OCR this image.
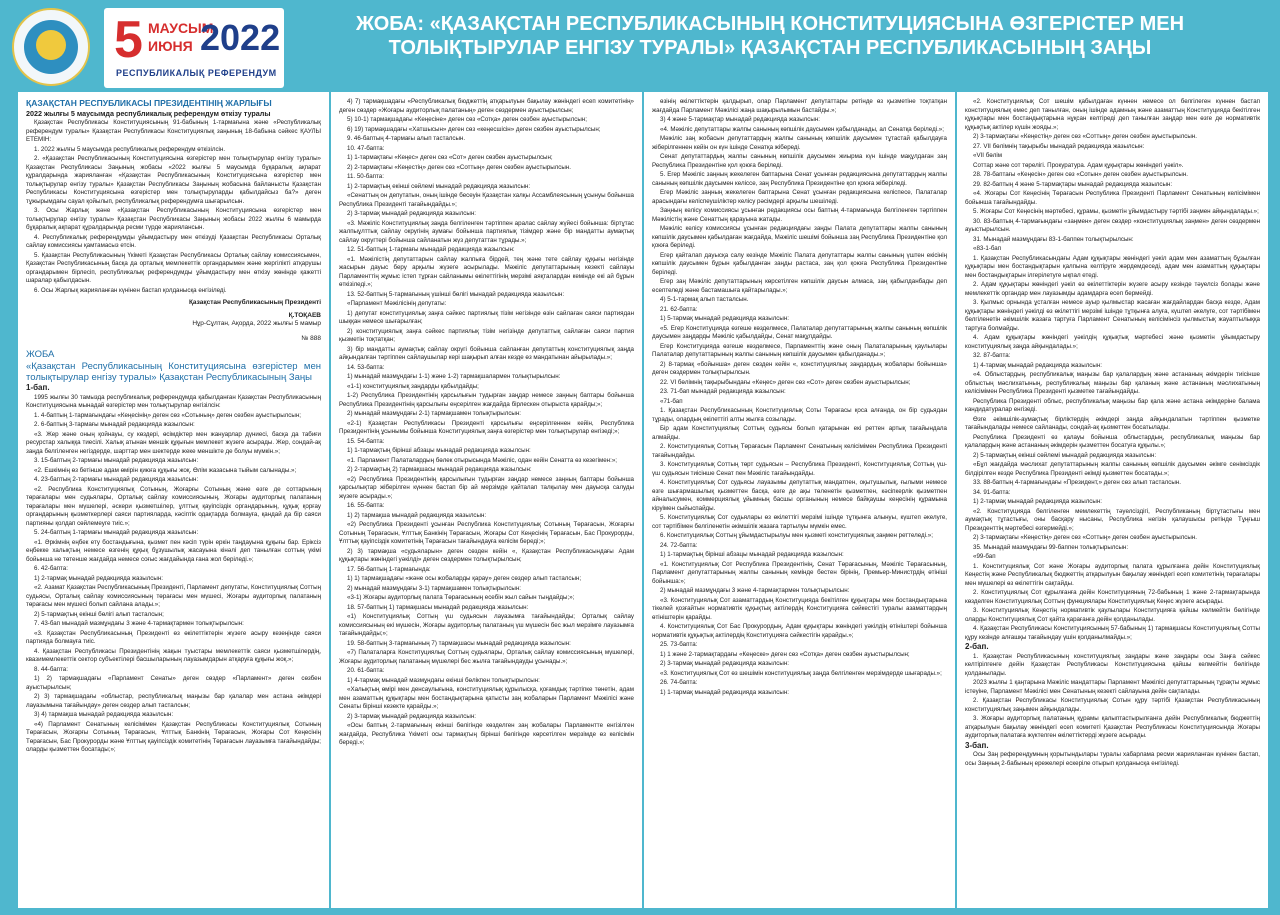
5 МАУСЫМ
ИЮНЯ 2022
РЕСПУБЛИКАЛЫҚ РЕФЕРЕНДУМ
ЖОБА: «ҚАЗАҚСТАН РЕСПУБЛИКАСЫНЫҢ КОНСТИТУЦИЯСЫНА ӨЗГЕРІСТЕР МЕН ТОЛЫҚТЫРУЛАР ЕНГІЗУ ТУРАЛЫ» ҚАЗАҚСТАН РЕСПУБЛИКАСЫНЫҢ ЗАҢЫ

ҚАЗАҚСТАН РЕСПУБЛИКАСЫ ПРЕЗИДЕНТІНІҢ ЖАРЛЫҒЫ

2022 жылғы 5 маусымда республикалық референдум өткізу туралы

Қазақстан Республикасы Конституциясының 91-бабының 1-тармағына және «Республикалық референдум туралы» Қазақстан Республикасы Конституциялық заңының 18-бабына сәйкес ҚАУЛЫ ЕТЕМІН:

1. 2022 жылғы 5 маусымда республикалық референдум өткізілсін.

2. «Қазақстан Республикасының Конституциясына өзгерістер мен толықтырулар енгізу туралы» Қазақстан Республикасы Заңының жобасы «2022 жылғы 5 маусымда бұқаралық ақпарат құралдарында жарияланған «Қазақстан Республикасының Конституциясына өзгерістер мен толықтырулар енгізу туралы» Қазақстан Республикасы Заңының жобасына байланысты Қазақстан Республикасы Конституциясына өзгерістер мен толықтыруларды қабылдайсыз ба?» деген тұжырымдағы сауал қойылып, республикалық референдумға шығарылсын.

3. Осы Жарлық және «Қазақстан Республикасының Конституциясына өзгерістер мен толықтырулар енгізу туралы» Қазақстан Республикасы Заңының жобасы 2022 жылғы 6 мамырда бұқаралық ақпарат құралдарында ресми түрде жариялансын.

4. Республикалық референдумды ұйымдастыру мен өткізуді Қазақстан Республикасы Орталық сайлау комиссиясы қамтамасыз етсін.

5. Қазақстан Республикасының Үкіметі Қазақстан Республикасы Орталық сайлау комиссиясымен, Қазақстан Республикасының басқа да орталық мемлекеттік органдарымен және жергілікті атқарушы органдарымен бірлесіп, республикалық референдумды ұйымдастыру мен өткізу жөнінде қажетті шаралар қабылдасын.

6. Осы Жарлық жарияланған күнінен бастап қолданысқа енгізіледі.

Қазақстан Республикасының Президенті
Қ.ТОҚАЕВ
Нұр-Сұлтан, Ақорда, 2022 жылғы 5 мамыр
№ 888

ЖОБА

«Қазақстан Республикасының Конституциясына өзгерістер мен толықтырулар енгізу туралы» Қазақстан Республикасының Заңы

1-бап.

1995 жылғы 30 тамызда республикалық референдумда қабылданған Қазақстан Республикасының Конституциясына мынадай өзгерістер мен толықтырулар енгізілсін:

1. 4-баптың 1-тармағындағы «Кеңесінің» деген сөз «Сотының» деген сөзбен ауыстырылсын;

2. 6-баптың 3-тармағы мынадай редакцияда жазылсын:

«3. Жер және оның қойнауы, су көздері, өсімдіктер мен жануарлар дүниесі, басқа да табиғи ресурстар халыққа тиесілі. Халық атынан меншік құқығын мемлекет жүзеге асырады. Жер, сондай-ақ заңда белгіленген негіздерде, шарттар мен шектерде жеке меншікте де болуы мүмкін.»;

3. 15-баптың 2-тармағы мынадай редакцияда жазылсын:

«2. Ешкімнің өз бетінше адам өмірін қиюға құқығы жоқ. Өлім жазасына тыйым салынады.»;

4. 23-баптың 2-тармағы мынадай редакцияда жазылсын:

«2. Республика Конституциялық Сотының, Жоғарғы Сотының және өзге де соттарының төрағалары мен судьялары, Орталық сайлау комиссиясының, Жоғары аудиторлық палатаның төрағалары мен мүшелері, әскери қызметшілер, ұлттық қауіпсіздік органдарының, құқық қорғау органдарының қызметкерлері саяси партияларда, кәсіптік одақтарда болмауға, қандай да бір саяси партияны қолдап сөйлемеуге тиіс.»;

5. 24-баптың 1-тармағы мынадай редакцияда жазылсын:

«1. Әркімнің еңбек ету бостандығына, қызмет пен кәсіп түрін еркін таңдауына құқығы бар. Еріксіз еңбекке халықтың немесе өзгенің құқық бұзушылық жасауына кінәлі деп танылған соттың үкімі бойынша не төтенше жағдайда немесе соғыс жағдайында ғана жол беріледі.»;

6. 42-бапта:

1) 2-тармақ мынадай редакцияда жазылсын:

«2. Азамат Қазақстан Республикасының Президенті, Парламент депутаты, Конституциялық Соттың судьясы, Орталық сайлау комиссиясының төрағасы мен мүшесі, Жоғары аудиторлық палатаның төрағасы мен мүшесі болып сайлана алады.»;

2) 5-тармақтың екінші бөлігі алып тасталсын;

7. 43-бап мынадай мазмұндағы 3 және 4-тармақтармен толықтырылсын:

«3. Қазақстан Республикасының Президенті өз өкілеттіктерін жүзеге асыру кезеңінде саяси партияда болмауға тиіс.

4. Қазақстан Республикасы Президентінің жақын туыстары мемлекеттік саяси қызметшілердің, квазимемлекеттік сектор субъектілері басшыларының лауазымдарын атқаруға құқығы жоқ.»;

8. 44-бапта:

1) 2) тармақшадағы «Парламент Сенаты» деген сөздер «Парламент» деген сөзбен ауыстырылсын;

2) 3) тармақшадағы «облыстар, республикалық маңызы бар қалалар мен астана әкімдері лауазымына тағайындау» деген сөздер алып тасталсын;

3) 4) тармақша мынадай редакцияда жазылсын:

«4) Парламент Сенатының келісімімен Қазақстан Республикасы Конституциялық Сотының Төрағасын, Жоғарғы Сотының Төрағасын, Ұлттық Банкінің Төрағасын, Жоғары Сот Кеңесінің Төрағасын, Бас Прокурорды және Ұлттық қауіпсіздік комитетінің Төрағасын лауазымға тағайындайды; оларды қызметтен босатады;»;

4) 7) тармақшадағы «Республикалық бюджеттің атқарылуын бақылау жөніндегі есеп комитетінің» деген сөздер «Жоғары аудиторлық палатаның» деген сөздермен ауыстырылсын;

5) 10-1) тармақшадағы «Кеңесіне» деген сөз «Сотқа» деген сөзбен ауыстырылсын;

6) 19) тармақшадағы «Хатшысын» деген сөз «кеңесшісін» деген сөзбен ауыстырылсын;

9. 46-баптың 4-тармағы алып тасталсын.

10. 47-бапта:

1) 1-тармақтағы «Кеңес» деген сөз «Сот» деген сөзбен ауыстырылсын;

2) 2-тармақтағы «Кеңестің» деген сөз «Соттың» деген сөзбен ауыстырылсын.

11. 50-бапта:

1) 2-тармақтың екінші сөйлемі мынадай редакцияда жазылсын:

«Сенаттың он депутатын, оның ішінде бесеуін Қазақстан халқы Ассамблеясының ұсынуы бойынша Республика Президенті тағайындайды.»;

2) 3-тармақ мынадай редакцияда жазылсын:

«3. Мәжіліс Конституциялық заңда белгіленген тәртіппен аралас сайлау жүйесі бойынша: біртұтас жалпыұлттық сайлау округінің аумағы бойынша партиялық тізімдер және бір мандатты аумақтық сайлау округтері бойынша сайланатын жүз депутаттан тұрады.»;

12. 51-баптың 1-тармағы мынадай редакцияда жазылсын:

«1. Мәжілістің депутаттарын сайлау жалпыға бірдей, тең және тете сайлау құқығы негізінде жасырын дауыс беру арқылы жүзеге асырылады. Мәжіліс депутаттарының кезекті сайлауы Парламенттің жұмыс істеп тұрған сайланымы өкілеттігінің мерзімі аяқталардан кемінде екі ай бұрын өткізіледі.»;

13. 52-баптың 5-тармағының үшінші бөлігі мынадай редакцияда жазылсын:

«Парламент Мәжілісінің депутаты:

1) депутат конституциялық заңға сәйкес партиялық тізім негізінде өзін сайлаған саяси партиядан шыққан немесе шығарылған;

2) конституциялық заңға сәйкес партиялық тізім негізінде депутаттық сайлаған саяси партия қызметін тоқтатқан;

3) бір мандатты аумақтық сайлау округі бойынша сайланған депутаттың конституциялық заңда айқындалған тәртіппен сайлаушылар кері шақырып алған кезде өз мандатынан айырылады.»;

14. 53-бапта:

1) мынадай мазмұндағы 1-1) және 1-2) тармақшалармен толықтырылсын:

«1-1) конституциялық заңдарды қабылдайды;

1-2) Республика Президентінің қарсылығын тудырған заңдар немесе заңның баптары бойынша Республика Президентінің қарсылығы еңсерілген жағдайда бірлескен отырыста қарайды;»;

2) мынадай мазмұндағы 2-1) тармақшамен толықтырылсын:

«2-1) Қазақстан Республикасы Президенті қарсылығы еңсерілгеннен кейін, Республика Президентінің ұсынымы бойынша Конституциялық заңға өзгерістер мен толықтырулар енгізеді;»;

15. 54-бапта:

1) 1-тармақтың бірінші абзацы мынадай редакцияда жазылсын:

«1. Парламент Палаталардың бөлек отырысында Мәжіліс, одан кейін Сенатта өз кезегімен:»;

2) 2-тармақтың 2) тармақшасы мынадай редакцияда жазылсын:

«2) Республика Президентінің қарсылығын тудырған заңдар немесе заңның баптары бойынша қарсылықтар жіберілген күннен бастап бір ай мерзімде қайталап талқылау мен дауысқа салуды жүзеге асырады.»;

16. 55-бапта:

1) 2) тармақша мынадай редакцияда жазылсын:

«2) Республика Президенті ұсынған Республика Конституциялық Сотының Төрағасын, Жоғарғы Сотының Төрағасын, Ұлттық Банкінің Төрағасын, Жоғары Сот Кеңесінің Төрағасын, Бас Прокурорды, Ұлттық қауіпсіздік комитетінің Төрағасын тағайындауға келісім береді;»;

2) 3) тармақша «судьяларын» деген сөзден кейін «, Қазақстан Республикасындағы Адам құқықтары жөніндегі уәкілді» деген сөздермен толықтырылсын;

17. 56-баптың 1-тармағында:

1) 1) тармақшадағы «және осы жобаларды қарау» деген сөздер алып тасталсын;

2) мынадай мазмұндағы 3-1) тармақшамен толықтырылсын:

«3-1) Жоғары аудиторлық палата Төрағасының есебін жыл сайын тыңдайды;»;

18. 57-баптың 1) тармақшасы мынадай редакцияда жазылсын:

«1) Конституциялық Соттың үш судьясын лауазымға тағайындайды; Орталық сайлау комиссиясының екі мүшесін, Жоғары аудиторлық палатаның үш мүшесін бес жыл мерзімге лауазымға тағайындайды;»;

19. 58-баптың 3-тармағының 7) тармақшасы мынадай редакцияда жазылсын:

«7) Палаталарға Конституциялық Соттың судьялары, Орталық сайлау комиссиясының мүшелері, Жоғары аудиторлық палатаның мүшелері бес жылға тағайындауды ұсынады.»;

20. 61-бапта:

1) 4-тармақ мынадай мазмұндағы екінші бөлікпен толықтырылсын:

«Халықтың өмірі мен денсаулығына, конституциялық құрылысқа, қоғамдық тәртіпке төнетін, адам мен азаматтың құқықтары мен бостандықтарына қатысты заң жобаларын Парламент Мәжілісі және Сенаты бірінші кезекте қарайды.»;

2) 3-тармақ мынадай редакцияда жазылсын:

«Осы баптың 2-тармағының екінші бөлігінде көзделген заң жобалары Парламентте енгізілген жағдайда, Республика Үкіметі осы тармақтың бірінші бөлігінде көрсетілген мерзімде өз келісімін береді.»;

өзінің өкілеттіктерін қалдырып, олар Парламент депутаттары ретінде өз қызметіне тоқтатқан жағдайда Парламент Мәжілісі жаңа шақырылымын бастайды.»;

3) 4 және 5-тармақтар мынадай редакцияда жазылсын:

«4. Мәжіліс депутаттары жалпы санының көпшілік даусымен қабылданады, ал Сенатқа беріледі.»;

Мәжіліс заң жобасын депутаттардың жалпы санының көпшілік даусымен тұтастай қабылдауға жіберілгеннен кейін он күн ішінде Сенатқа жібереді.

Сенат депутаттардың жалпы санының көпшілік даусымен жиырма күн ішінде мақұлдаған заң Республика Президентіне қол қоюға беріледі.

5. Егер Мәжіліс заңның жекелеген баптарына Сенат ұсынған редакциясына депутаттардың жалпы санының көпшілік даусымен келіссе, заң Республика Президентіне қол қоюға жіберіледі.

Егер Мәжіліс заңның жекелеген баптарына Сенат ұсынған редакциясына келіспесе, Палаталар арасындағы келіспеушіліктер келісу рәсімдері арқылы шешіледі.

Заңның келісу комиссиясы ұсынған редакциясы осы баптың 4-тармағында белгіленген тәртіппен Мәжілістің және Сенаттың қарауына жатады.

Мәжіліс келісу комиссиясы ұсынған редакциядағы заңды Палата депутаттары жалпы санының көпшілік даусымен қабылдаған жағдайда, Мәжіліс шешімі бойынша заң Республика Президентіне қол қоюға беріледі.

Егер қайталап дауысқа салу кезінде Мәжіліс Палата депутаттары жалпы санының үштен екісінің көпшілік даусымен бұрын қабылданған заңды растаса, заң қол қоюға Республика Президентіне беріледі.

Егер заң Мәжіліс депутаттарының көрсетілген көпшілік даусын алмаса, заң қабылданбады деп есептеледі және бастамашыға қайтарылады.»;

4) 5-1-тармақ алып тасталсын.

21. 62-бапта:

1) 5-тармақ мынадай редакцияда жазылсын:

«5. Егер Конституцияда өзгеше көзделмесе, Палаталар депутаттарының жалпы санының көпшілік даусымен заңдарды Мәжіліс қабылдайды, Сенат мақұлдайды.

Егер Конституцияда өзгеше көзделмесе, Парламенттің және оның Палаталарының қаулылары Палаталар депутаттарының жалпы санының көпшілік даусымен қабылданады.»;

2) 8-тармақ «бойынша» деген сөзден кейін «, конституциялық заңдардың жобалары бойынша» деген сөздермен толықтырылсын.

22. VI бөлімнің тақырыбындағы «Кеңес» деген сөз «Сот» деген сөзбен ауыстырылсын;

23. 71-бап мынадай редакцияда жазылсын:

«71-бап

1. Қазақстан Республикасының Конституциялық Соты Төрағасы қоса алғанда, он бір судьядан тұрады, олардың өкілеттігі алты жылға созылады.

Бір адам Конституциялық Соттың судьясы болып қатарынан екі реттен артық тағайындала алмайды.

2. Конституциялық Соттың Төрағасын Парламент Сенатының келісімімен Республика Президенті тағайындайды.

3. Конституциялық Соттың төрт судьясын – Республика Президенті, Конституциялық Соттың үш-үш судьясын тиісінше Сенат пен Мәжіліс тағайындайды.

4. Конституциялық Сот судьясы лауазымы депутаттық мандатпен, оқытушылық, ғылыми немесе өзге шығармашылық қызметтен басқа, өзге де ақы төленетін қызметпен, кәсіпкерлік қызметпен айналысумен, коммерциялық ұйымның басшы органының немесе байқаушы кеңесінің құрамына кіруімен сыйыспайды.

5. Конституциялық Сот судьялары өз өкілеттігі мерзімі ішінде тұтқынға алынуы, күштеп әкелуге, сот тәртібімен белгіленетін әкімшілік жазаға тартылуы мүмкін емес.

6. Конституциялық Соттың ұйымдастырылуы мен қызметі конституциялық заңмен реттеледі.»;

24. 72-бапта:

1) 1-тармақтың бірінші абзацы мынадай редакцияда жазылсын:

«1. Конституциялық Сот Республика Президентінің, Сенат Төрағасының, Мәжіліс Төрағасының, Парламент депутаттарының жалпы санының кемінде бестен бірінің, Премьер-Министрдің өтініші бойынша:»;

2) мынадай мазмұндағы 3 және 4-тармақтармен толықтырылсын:

«3. Конституциялық Сот азаматтардың Конституцияда бекітілген құқықтары мен бостандықтарына тікелей қозғайтын нормативтік құқықтық актілердің Конституцияға сәйкестігі туралы азаматтардың өтініштерін қарайды.

4. Конституциялық Сот Бас Прокурордың, Адам құқықтары жөніндегі уәкілдің өтініштері бойынша нормативтік құқықтық актілердің Конституцияға сәйкестігін қарайды.»;

25. 73-бапта:

1) 1 және 2-тармақтардағы «Кеңеске» деген сөз «Сотқа» деген сөзбен ауыстырылсын;

2) 3-тармақ мынадай редакцияда жазылсын:

«3. Конституциялық Сот өз шешімін конституциялық заңда белгіленген мерзімдерде шығарады.»;

26. 74-бапта:

1) 1-тармақ мынадай редакцияда жазылсын:

«2. Конституциялық Сот шешім қабылдаған күннен немесе ол белгілеген күннен бастап конституциялық емес деп танылған, оның ішінде адамның және азаматтың Конституцияда бекітілген құқықтары мен бостандықтарына нұқсан келтіреді деп танылған заңдар мен өзге де нормативтік құқықтық актілер күшін жояды.»;

2) 3-тармақтағы «Кеңестің» деген сөз «Соттың» деген сөзбен ауыстырылсын.

27. VII бөлімнің тақырыбы мынадай редакцияда жазылсын:

«VII бөлім

Соттар және сот төрелігі. Прокуратура. Адам құқықтары жөніндегі уәкіл».

28. 78-баптағы «Кеңесін» деген сөз «Сотын» деген сөзбен ауыстырылсын.

29. 82-баптың 4 және 5-тармақтары мынадай редакцияда жазылсын:

«4. Жоғары Сот Кеңесінің Төрағасын Республика Президенті Парламент Сенатының келісімімен бойынша тағайындайды.

5. Жоғары Сот Кеңесінің мәртебесі, құрамы, қызметін ұйымдастыру тәртібі заңмен айқындалады.»;

30. 83-баптың 4-тармағындағы «заңмен» деген сөздер «конституциялық заңмен» деген сөздермен ауыстырылсын.

31. Мынадай мазмұндағы 83-1-баппен толықтырылсын:

«83-1-бап

1. Қазақстан Республикасындағы Адам құқықтары жөніндегі уәкіл адам мен азаматтың бұзылған құқықтары мен бостандықтарын қалпына келтіруге жәрдемдеседі, адам мен азаматтың құқықтары мен бостандықтарын ілгерілетуге ықпал етеді.

2. Адам құқықтары жөніндегі уәкіл өз өкілеттіктерін жүзеге асыру кезінде тәуелсіз болады және мемлекеттік органдар мен лауазымды адамдарға есеп бермейді.

3. Қылмыс орнында ұсталған немесе ауыр қылмыстар жасаған жағдайлардан басқа кезде, Адам құқықтары жөніндегі уәкілді өз өкілеттігі мерзімі ішінде тұтқынға алуға, күштеп әкелуге, сот тәртібімен белгіленетін әкімшілік жазаға тартуға Парламент Сенатының келісімінсіз қылмыстық жауаптылыққа тартуға болмайды.

4. Адам құқықтары жөніндегі уәкілдің құқықтық мәртебесі және қызметін ұйымдастыру конституциялық заңда айқындалады.»;

32. 87-бапта:

1) 4-тармақ мынадай редакцияда жазылсын:

«4. Облыстардың, республикалық маңызы бар қалалардың және астананың әкімдерін тиісінше облыстың мәслихатының, республикалық маңызы бар қаланың және астананың мәслихатының келісімімен Республика Президенті қызметке тағайындайды.

Республика Президенті облыс, республикалық маңызы бар қала және астана әкімдеріне балама кандидатуралар енгізеді.

Өзге әкімшілік-аумақтық бірліктердің әкімдері заңда айқындалатын тәртіппен қызметке тағайындалады немесе сайланады, сондай-ақ қызметтен босатылады.

Республика Президенті өз қалауы бойынша облыстардың, республикалық маңызы бар қалалардың және астананың әкімдерін қызметтен босатуға құқылы.»;

2) 5-тармақтың екінші сөйлемі мынадай редакцияда жазылсын:

«Бұл жағдайда мәслихат депутаттарының жалпы санының көпшілік даусымен әкімге сенімсіздік білдірілген кезде Республика Президенті әкімді қызметтен босатады.»;

33. 88-баптың 4-тармағындағы «Президент,» деген сөз алып тасталсын.

34. 91-бапта:

1) 2-тармақ мынадай редакцияда жазылсын:

«2. Конституцияда белгіленген мемлекеттің тәуелсіздігі, Республиканың біртұтастығы мен аумақтық тұтастығы, оны басқару нысаны, Республика негізін қалаушысы ретінде Тұңғыш Президенттің мәртебесі өзгермейді.»;

2) 3-тармақтағы «Кеңестің» деген сөз «Соттың» деген сөзбен ауыстырылсын.

35. Мынадай мазмұндағы 99-баппен толықтырылсын:

«99-бап

1. Конституциялық Сот және Жоғары аудиторлық палата құрылғанға дейін Конституциялық Кеңестің және Республикалық бюджеттің атқарылуын бақылау жөніндегі есеп комитетінің төрағалары мен мүшелері өз өкілеттігін сақтайды.

2. Конституциялық Сот құрылғанға дейін Конституцияның 72-бабының 1 және 2-тармақтарында көзделген Конституциялық Соттың функциялары Конституциялық Кеңес жүзеге асырады.

3. Конституциялық Кеңестің нормативтік қаулылары Конституцияға қайшы келмейтін бөлігінде оларды Конституциялық Сот қайта қарағанға дейін қолданылады.

4. Қазақстан Республикасы Конституциясының 57-бабының 1) тармақшасы Конституциялық Сотты құру кезінде алғашқы тағайындау үшін қолданылмайды.»;

2-бап.

1. Қазақстан Республикасының конституциялық заңдары және заңдары осы Заңға сәйкес келтірілгенге дейін Қазақстан Республикасы Конституциясына қайшы келмейтін бөлігінде қолданылады.

2023 жылғы 1 қаңтарына Мәжіліс мандаттары Парламент Мәжілісі депутаттарының тұрақты жұмыс істеуіне, Парламент Мәжілісі мен Сенатының кезекті сайлауына дейін сақталады.

2. Қазақстан Республикасы Конституциялық Сотын құру тәртібі Қазақстан Республикасының конституциялық заңымен айқындалады.

3. Жоғары аудиторлық палатаның құрамы қалыптастырылғанға дейін Республикалық бюджеттің атқарылуын бақылау жөніндегі есеп комитеті Қазақстан Республикасы Конституциясында Жоғары аудиторлық палатаға жүктелген өкілеттіктерді жүзеге асырады.

3-бап.

Осы Заң референдумның қорытындылары туралы хабарлама ресми жарияланған күнінен бастап, осы Заңның 2-бабының ережелері ескеріле отырып қолданысқа енгізіледі.
